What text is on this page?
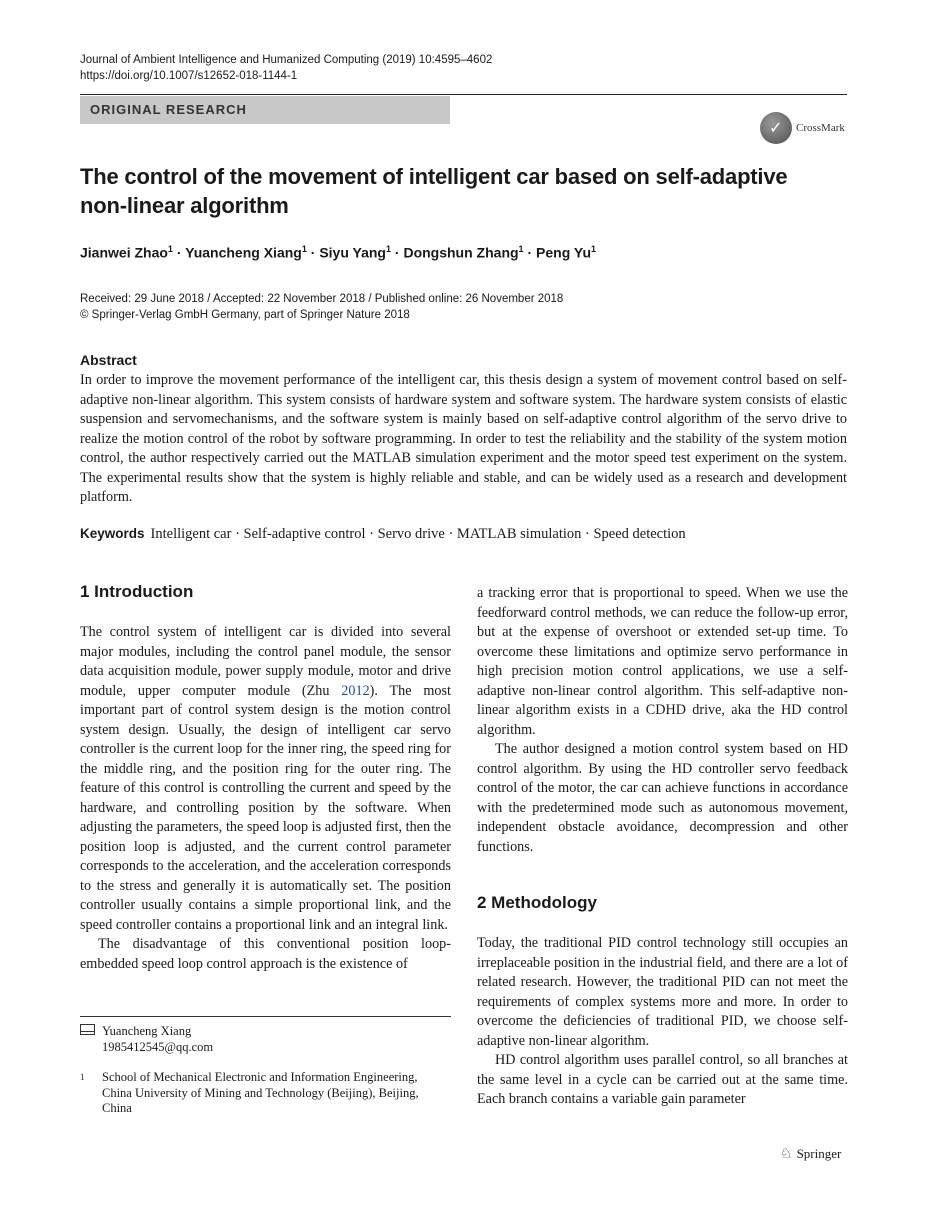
Journal of Ambient Intelligence and Humanized Computing (2019) 10:4595–4602
https://doi.org/10.1007/s12652-018-1144-1
ORIGINAL RESEARCH
✓ CrossMark
The control of the movement of intelligent car based on self-adaptive
non-linear algorithm
Jianwei Zhao$^1$ · Yuancheng Xiang$^1$ · Siyu Yang$^1$ · Dongshun Zhang$^1$ · Peng Yu$^1$
Received: 29 June 2018 / Accepted: 22 November 2018 / Published online: 26 November 2018
© Springer-Verlag GmbH Germany, part of Springer Nature 2018
Abstract
In order to improve the movement performance of the intelligent car, this thesis design a system of movement control based on self-adaptive non-linear algorithm. This system consists of hardware system and software system. The hardware system consists of elastic suspension and servomechanisms, and the software system is mainly based on self-adaptive control algorithm of the servo drive to realize the motion control of the robot by software programming. In order to test the reliability and the stability of the system motion control, the author respectively carried out the MATLAB simulation experiment and the motor speed test experiment on the system. The experimental results show that the system is highly reliable and stable, and can be widely used as a research and development platform.
Keywords Intelligent car · Self-adaptive control · Servo drive · MATLAB simulation · Speed detection
1 Introduction

The control system of intelligent car is divided into several major modules, including the control panel module, the sensor data acquisition module, power supply module, motor and drive module, upper computer module (Zhu 2012). The most important part of control system design is the motion control system design. Usually, the design of intelligent car servo controller is the current loop for the inner ring, the speed ring for the middle ring, and the position ring for the outer ring. The feature of this control is controlling the current and speed by the hardware, and controlling position by the software. When adjusting the parameters, the speed loop is adjusted first, then the position loop is adjusted, and the current control parameter corresponds to the acceleration, and the acceleration corresponds to the stress and generally it is automatically set. The position controller usually contains a simple proportional link, and the speed controller contains a proportional link and an integral link.

The disadvantage of this conventional position loop-embedded speed loop control approach is the existence of

a tracking error that is proportional to speed. When we use the feedforward control methods, we can reduce the follow-up error, but at the expense of overshoot or extended set-up time. To overcome these limitations and optimize servo performance in high precision motion control applications, we use a self-adaptive non-linear control algorithm. This self-adaptive non-linear algorithm exists in a CDHD drive, aka the HD control algorithm.

The author designed a motion control system based on HD control algorithm. By using the HD controller servo feedback control of the motor, the car can achieve functions in accordance with the predetermined mode such as autonomous movement, independent obstacle avoidance, decompression and other functions.

2 Methodology

Today, the traditional PID control technology still occupies an irreplaceable position in the industrial field, and there are a lot of related research. However, the traditional PID can not meet the requirements of complex systems more and more. In order to overcome the deficiencies of traditional PID, we choose self-adaptive non-linear algorithm.

HD control algorithm uses parallel control, so all branches at the same level in a cycle can be carried out at the same time. Each branch contains a variable gain parameter

Yuancheng Xiang
1985412545@qq.com
1 School of Mechanical Electronic and Information Engineering, China University of Mining and Technology (Beijing), Beijing, China
♘ Springer
